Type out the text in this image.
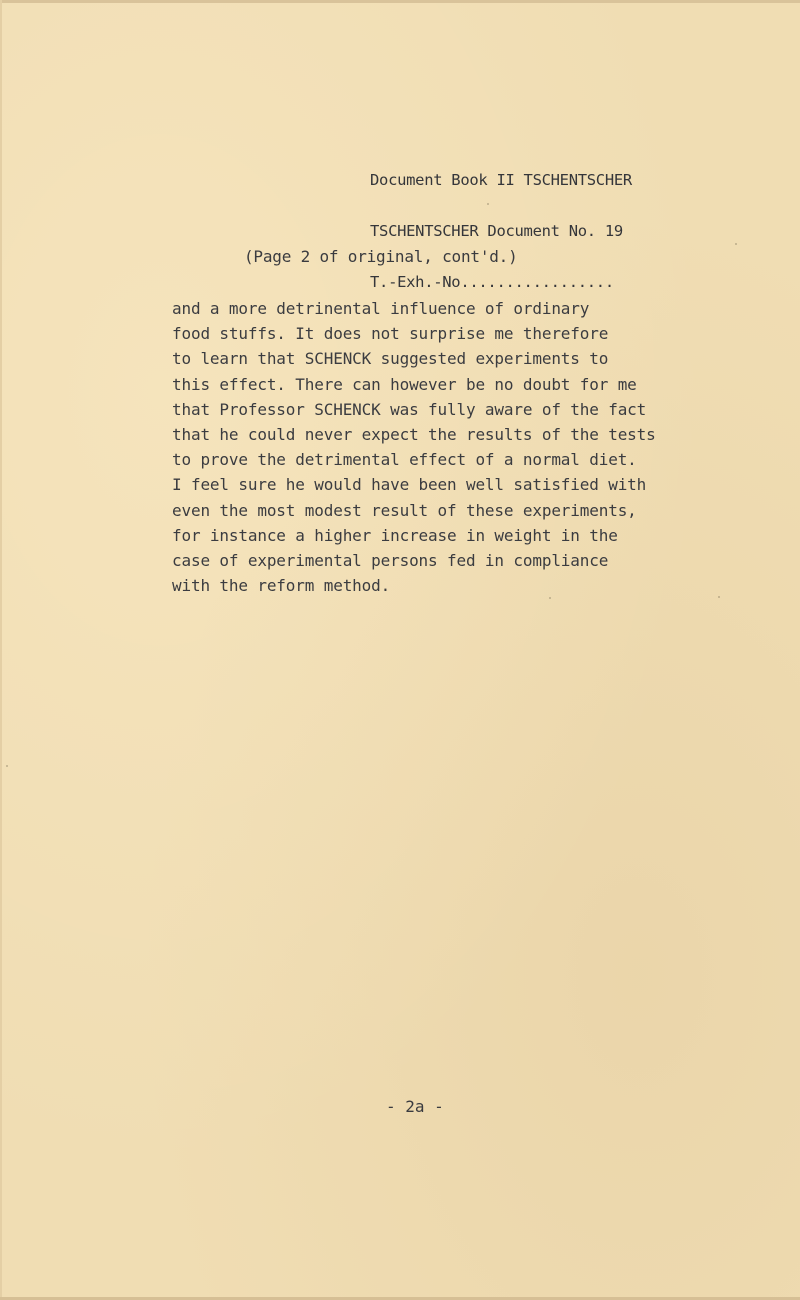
Document Book II TSCHENTSCHER

TSCHENTSCHER Document No. 19

T.-Exh.-No.................

(Page 2 of original, cont'd.)
and a more detrinental influence of ordinary
food stuffs. It does not surprise me therefore
to learn that SCHENCK suggested experiments to
this effect. There can however be no doubt for me
that Professor SCHENCK was fully aware of the fact
that he could never expect the results of the tests
to prove the detrimental effect of a normal diet.
I feel sure he would have been well satisfied with
even the most modest result of these experiments,
for instance a higher increase in weight in the
case of experimental persons fed in compliance
with the reform method.
- 2a -
